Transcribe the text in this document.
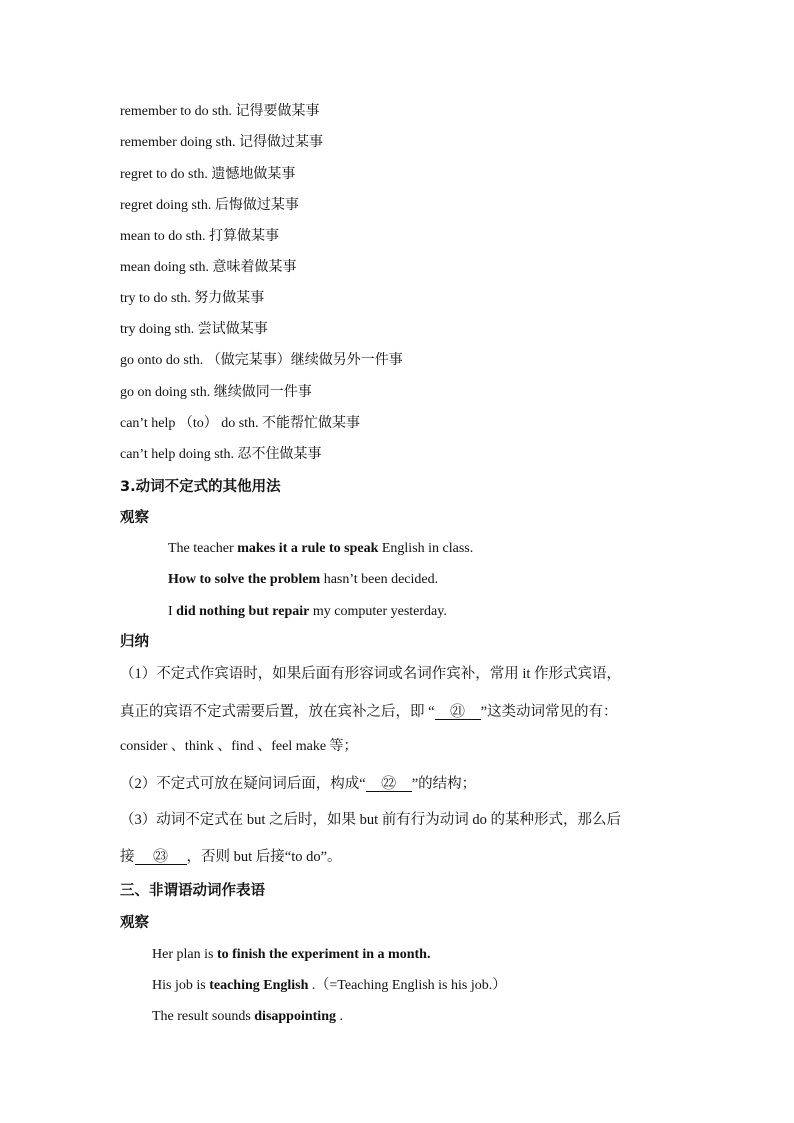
remember to do sth. 记得要做某事
remember doing sth. 记得做过某事
regret to do sth. 遗憾地做某事
regret doing sth. 后悔做过某事
mean to do sth. 打算做某事
mean doing sth. 意味着做某事
try to do sth. 努力做某事
try doing sth. 尝试做某事
go onto do sth. （做完某事）继续做另外一件事
go on doing sth. 继续做同一件事
can’t help （to） do sth. 不能帮忙做某事
can’t help doing sth. 忍不住做某事
3.动词不定式的其他用法
观察
The teacher makes it a rule to speak English in class.
How to solve the problem hasn’t been decided.
I did nothing but repair my computer yesterday.
归纳
（1）不定式作宾语时，如果后面有形容词或名词作宾补，常用 it 作形式宾语，
真正的宾语不定式需要后置，放在宾补之后，即 “ ㉑ ”这类动词常见的有：
consider 、think 、find 、feel make 等；
（2）不定式可放在疑问词后面，构成“ ㉒ ”的结构；
（3）动词不定式在 but 之后时，如果 but 前有行为动词 do 的某种形式，那么后
接 ㉓ ，否则 but 后接“to do”。
三、非谓语动词作表语
观察
Her plan is to finish the experiment in a month.
His job is teaching English .（=Teaching English is his job.）
The result sounds disappointing .
